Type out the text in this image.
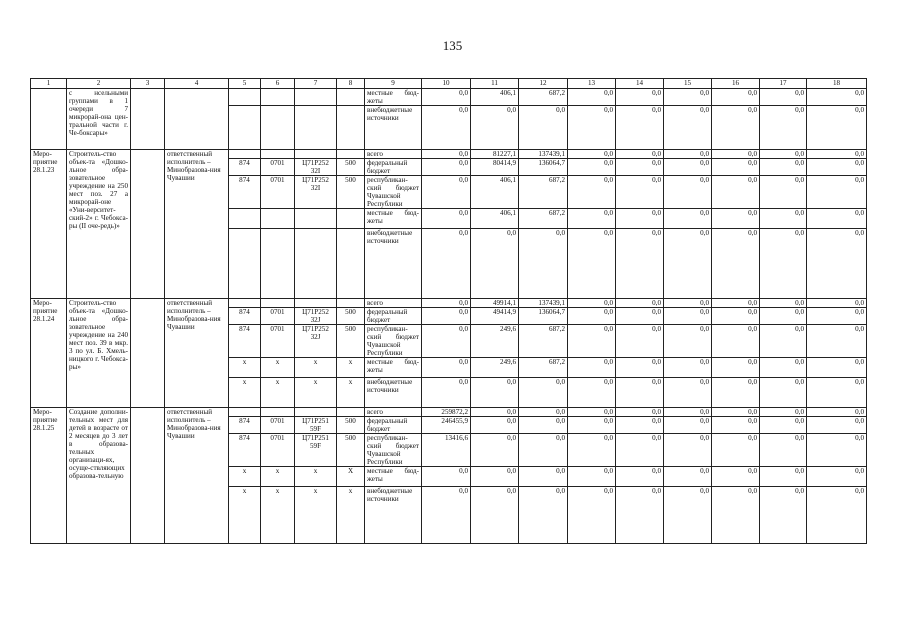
135
1	2	3	4	5	6	7	8	9	10	11	12	13	14	15	16	17	18
	с нсельными группами в 1 очереди 7 микрорай-она цен-тральной части г. Че-боксары»							местные бюд-жеты	0,0	406,1	687,2	0,0	0,0	0,0	0,0	0,0	0,0
								внебюджетные источники	0,0	0,0	0,0	0,0	0,0	0,0	0,0	0,0	0,0
Меро-приятие 28.1.23	Строитель-ство объек-та «Дошко-льное обра-зовательное учреждение на 250 мест поз. 27 а микрорай-оне «Уни-верситет-ский-2» г. Чебокса-ры (II оче-редь)»		ответственный исполнитель – Минобразова-ния Чувашии					всего	0,0	81227,1	137439,1	0,0	0,0	0,0	0,0	0,0	0,0
				874	0701	Ц71Р252 32I	500	федеральный бюджет	0,0	80414,9	136064,7	0,0	0,0	0,0	0,0	0,0	0,0
				874	0701	Ц71Р252 32I	500	республикан-ский бюджет Чувашской Республики	0,0	406,1	687,2	0,0	0,0	0,0	0,0	0,0	0,0
								местные бюд-жеты	0,0	406,1	687,2	0,0	0,0	0,0	0,0	0,0	0,0
								внебюджетные источники	0,0	0,0	0,0	0,0	0,0	0,0	0,0	0,0	0,0
Меро-приятие 28.1.24	Строитель-ство объек-та «Дошко-льное обра-зовательное учреждение на 240 мест поз. 39 в мкр. 3 по ул. Б. Хмель-ницкого г. Чебокса-ры»		ответственный исполнитель – Минобразова-ния Чувашии					всего	0,0	49914,1	137439,1	0,0	0,0	0,0	0,0	0,0	0,0
				874	0701	Ц71Р252 32J	500	федеральный бюджет	0,0	49414,9	136064,7	0,0	0,0	0,0	0,0	0,0	0,0
				874	0701	Ц71Р252 32J	500	республикан-ский бюджет Чувашской Республики	0,0	249,6	687,2	0,0	0,0	0,0	0,0	0,0	0,0
				x	x	x	x	местные бюд-жеты	0,0	249,6	687,2	0,0	0,0	0,0	0,0	0,0	0,0
				x	x	x	x	внебюджетные источники	0,0	0,0	0,0	0,0	0,0	0,0	0,0	0,0	0,0
Меро-приятие 28.1.25	Создание дополни-тельных мест для детей в возрасте от 2 месяцев до 3 лет в образова-тельных организаци-ях, осуще-ствляющих образова-тельную		ответственный исполнитель – Минобразова-ния Чувашии					всего	259872,2	0,0	0,0	0,0	0,0	0,0	0,0	0,0	0,0
				874	0701	Ц71Р251 59F	500	федеральный бюджет	246455,9	0,0	0,0	0,0	0,0	0,0	0,0	0,0	0,0
				874	0701	Ц71Р251 59F	500	республикан-ский бюджет Чувашской Республики	13416,6	0,0	0,0	0,0	0,0	0,0	0,0	0,0	0,0
				x	x	x	X	местные бюд-жеты	0,0	0,0	0,0	0,0	0,0	0,0	0,0	0,0	0,0
				x	x	x	x	внебюджетные источники	0,0	0,0	0,0	0,0	0,0	0,0	0,0	0,0	0,0
